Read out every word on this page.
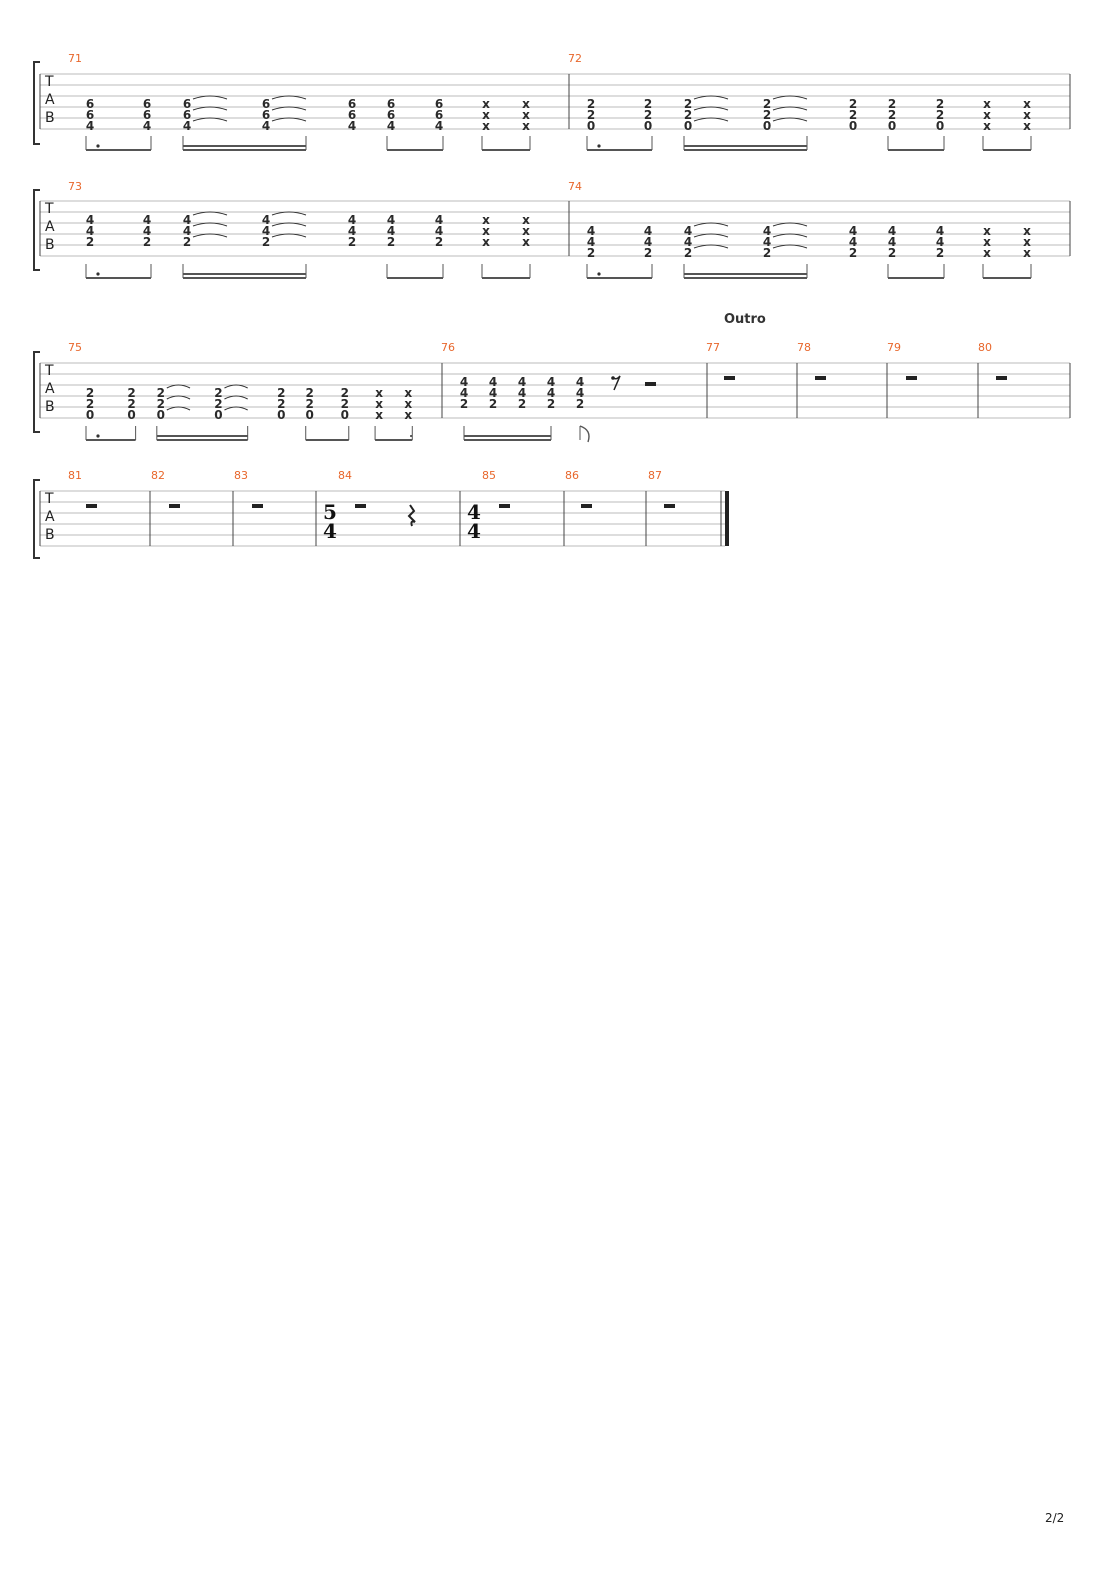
T
A
B
71	72
T
A
B
73	74
Outro
T
A
B
75	76	77	78	79	80
T
A
B
81	82	83	84	85	86	87
5
4
4
4
6
6
4
6
6
4
6
6
4
6
6
4
6
6
4
6
6
4
6
6
4
x
x
x
x
x
x
2
2
0
2
2
0
2
2
0
2
2
0
2
2
0
2
2
0
2
2
0
x
x
x
x
x
x
4
4
2
4
4
2
4
4
2
4
4
2
4
4
2
4
4
2
4
4
2
x
x
x
x
x
x
4
4
2
4
4
2
4
4
2
4
4
2
4
4
2
4
4
2
4
4
2
x
x
x
x
x
x
2
2
0
2
2
0
2
2
0
2
2
0
2
2
0
2
2
0
2
2
0
x
x
x
x
x
x
4
4
2
4
4
2
4
4
2
4
4
2
4
4
2
2/2
